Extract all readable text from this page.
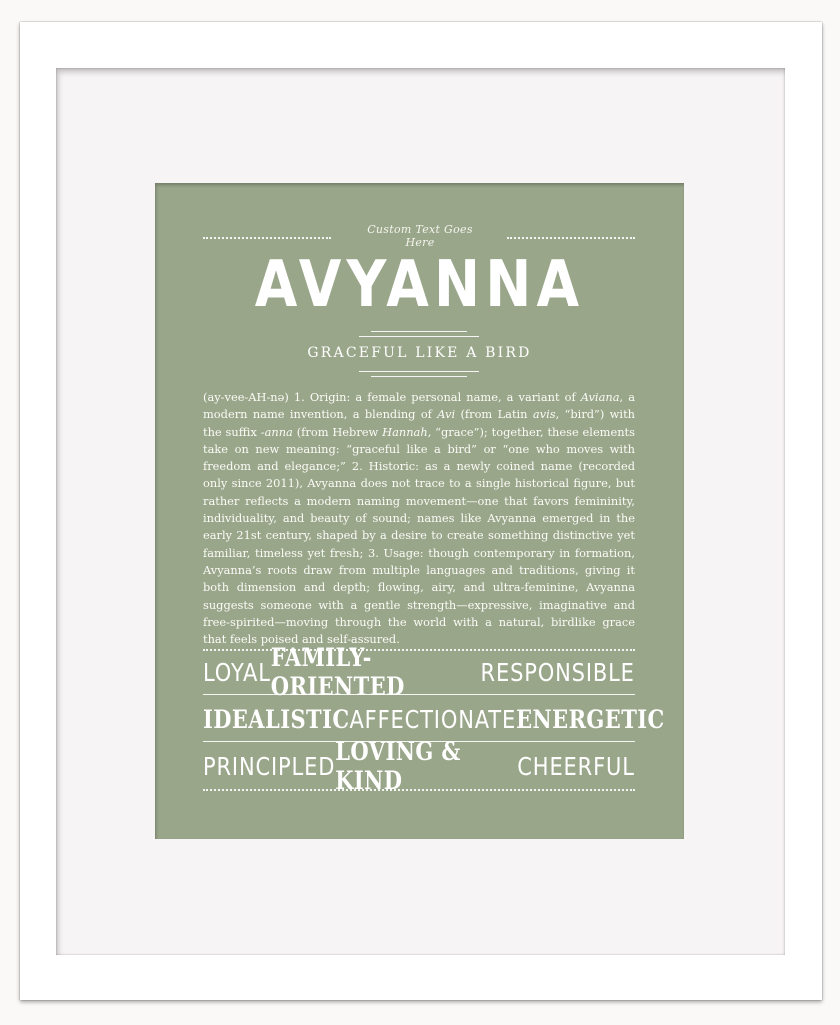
Custom Text Goes Here
AVYANNA
GRACEFUL LIKE A BIRD
(ay-vee-AH-nə) 1. Origin: a female personal name, a variant of Aviana, a modern name invention, a blending of Avi (from Latin avis, “bird”) with the suffix -anna (from Hebrew Hannah, “grace”); together, these elements take on new meaning: “graceful like a bird” or “one who moves with freedom and elegance;” 2. Historic: as a newly coined name (recorded only since 2011), Avyanna does not trace to a single historical figure, but rather reflects a modern naming movement—one that favors femininity, individuality, and beauty of sound; names like Avyanna emerged in the early 21st century, shaped by a desire to create something distinctive yet familiar, timeless yet fresh; 3. Usage: though contemporary in formation, Avyanna’s roots draw from multiple languages and traditions, giving it both dimension and depth; flowing, airy, and ultra-feminine, Avyanna suggests someone with a gentle strength—expressive, imaginative and free-spirited—moving through the world with a natural, birdlike grace that feels poised and self-assured.
LOYAL FAMILY-ORIENTED	RESPONSIBLE
IDEALISTIC AFFECTIONATE ENERGETIC
PRINCIPLED LOVING & KIND	CHEERFUL
